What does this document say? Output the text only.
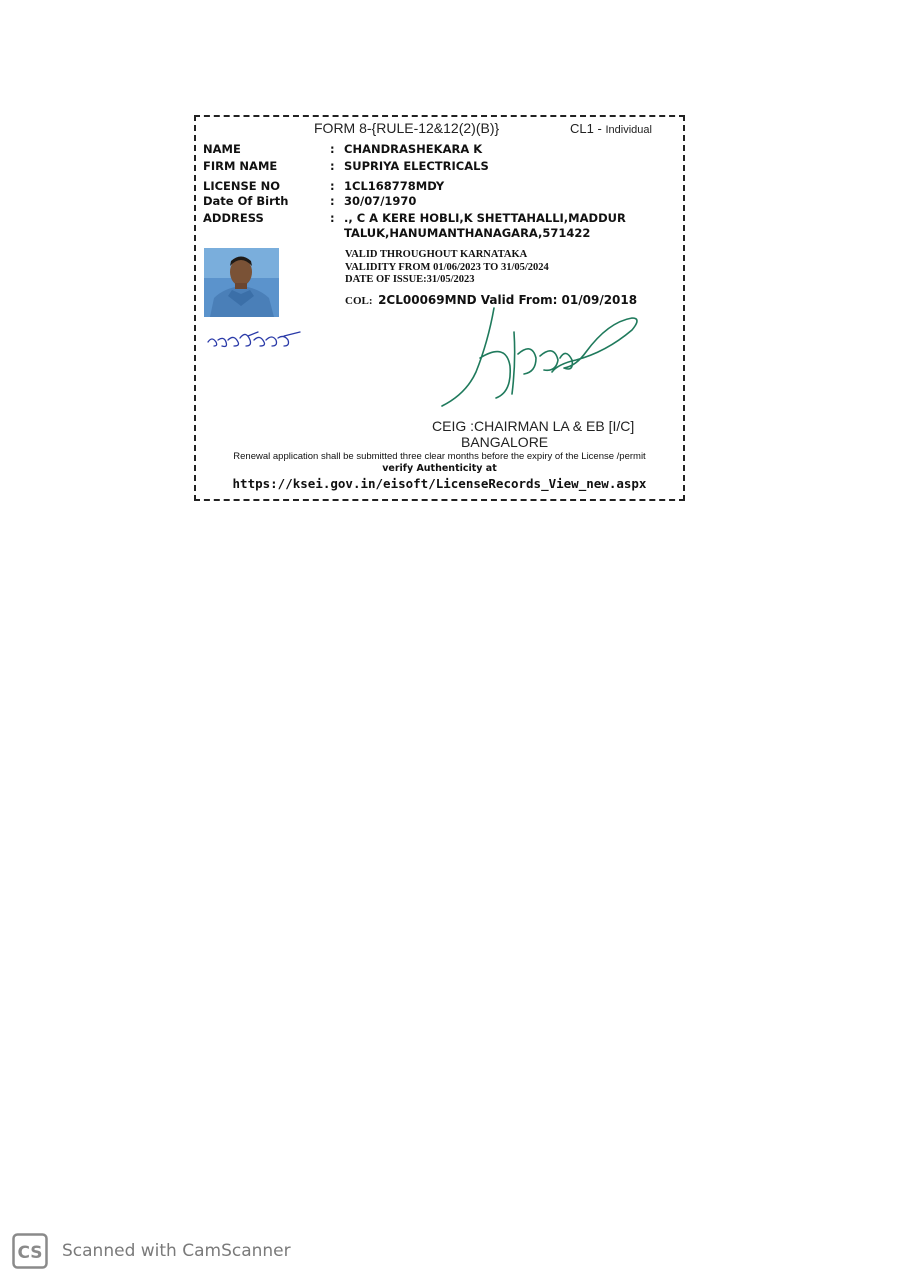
FORM 8-{RULE-12&12(2)(B)}	CL1 - Individual
NAME	: CHANDRASHEKARA K
FIRM NAME	: SUPRIYA ELECTRICALS
LICENSE NO	: 1CL168778MDY
Date Of Birth	: 30/07/1970
ADDRESS	: ., C A KERE HOBLI,K SHETTAHALLI,MADDUR
TALUK,HANUMANTHANAGARA,571422
VALID THROUGHOUT KARNATAKA
VALIDITY FROM 01/06/2023 TO 31/05/2024
DATE OF ISSUE:31/05/2023
COL: 2CL00069MND Valid From: 01/09/2018
CEIG :CHAIRMAN LA & EB [I/C]
BANGALORE
Renewal application shall be submitted three clear months before the expiry of the License /permit
verify Authenticity at
https://ksei.gov.in/eisoft/LicenseRecords_View_new.aspx
CS Scanned with CamScanner
